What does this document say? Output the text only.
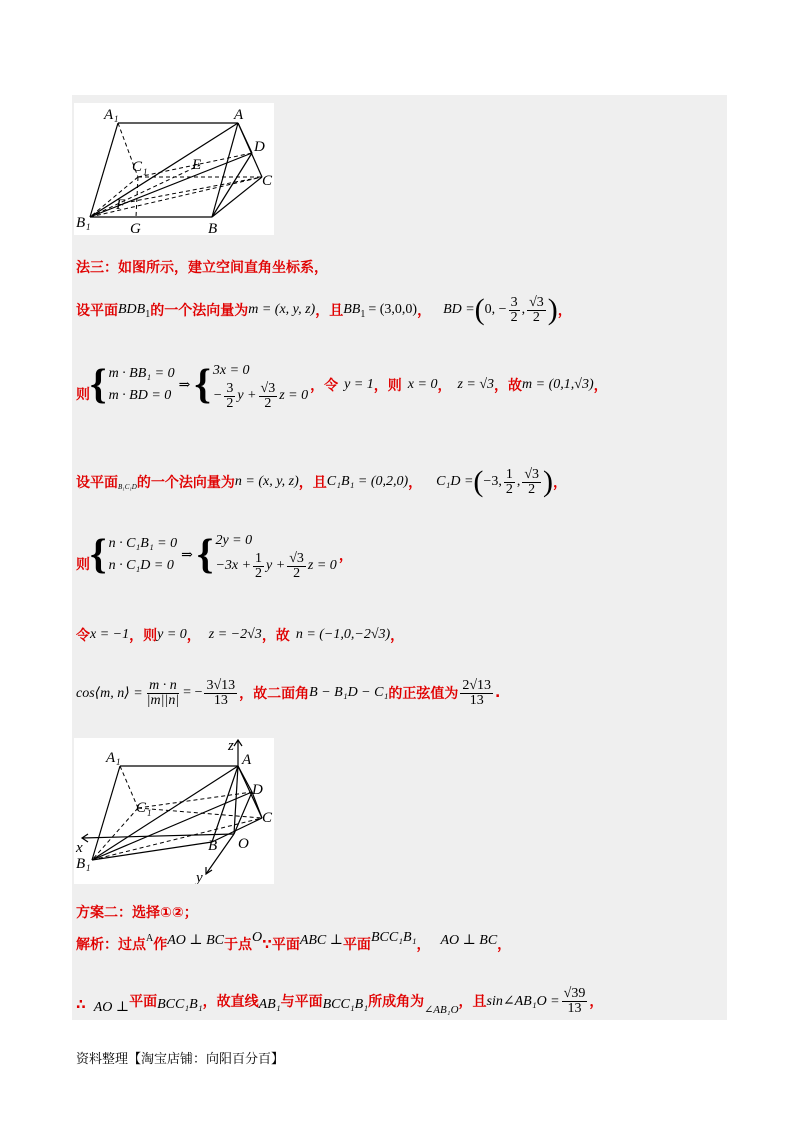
A 1	A
D
C 1	E
C
F
B 1	G	B
法三：如图所示，建立空间直角坐标系，
设平面 BDB 1 的一个法向量为 m = (x, y, z) ，且 BB 1 = (3,0,0) ， BD = ( 0, − $\frac{3}{2}$ , $\frac{√3}{2}$ ) ，
则 { m · BB₁ = 0
m · BD = 0
⇒ { 3x = 0
− $\frac{3}{2}$ $y + \frac{√3}{2}$ z = 0
，令 y = 1 ，则 x = 0 ， z = √3 ，故 m = (0,1,√3) ，
设平面 B₁C₁D 的一个法向量为 n = (x, y, z) ，且 C₁B₁ = (0,2,0) ， C₁D = ( −3, $\frac{1}{2}$ , $\frac{√3}{2}$ ) ，
则 { n · C₁B₁ = 0
n · C₁D = 0
⇒ { 2y = 0
$-3x + \frac{1}{2}$ $y + \frac{√3}{2}$ z = 0
，
令 x = −1 ，则 y = 0 ， z = −2√3 ，故 n = (−1,0,−2√3) ，
cos⟨m, n⟩ = $\frac{m \cdot n}{|m||n|}$ = − $\frac{3√13}{13}$ ，故二面角 B − B₁D − C₁ 的正弦值为 $\frac{2√13}{13}$ .
z
A 1	A
D
C 1	C
x
B 1
B O
y
方案二：选择①②；
解析：过点 A 作 AO ⊥ BC 于点 O ∵平面 ABC ⊥ 平面 BCC₁B₁ ， AO ⊥ BC ，
∴ AO ⊥ 平面 BCC₁B₁ ，故直线 AB₁ 与平面 BCC₁B₁ 所成角为 ∠AB₁O ，且 sin∠AB₁O = $\frac{√39}{13}$ ，
资料整理【淘宝店铺：向阳百分百】
